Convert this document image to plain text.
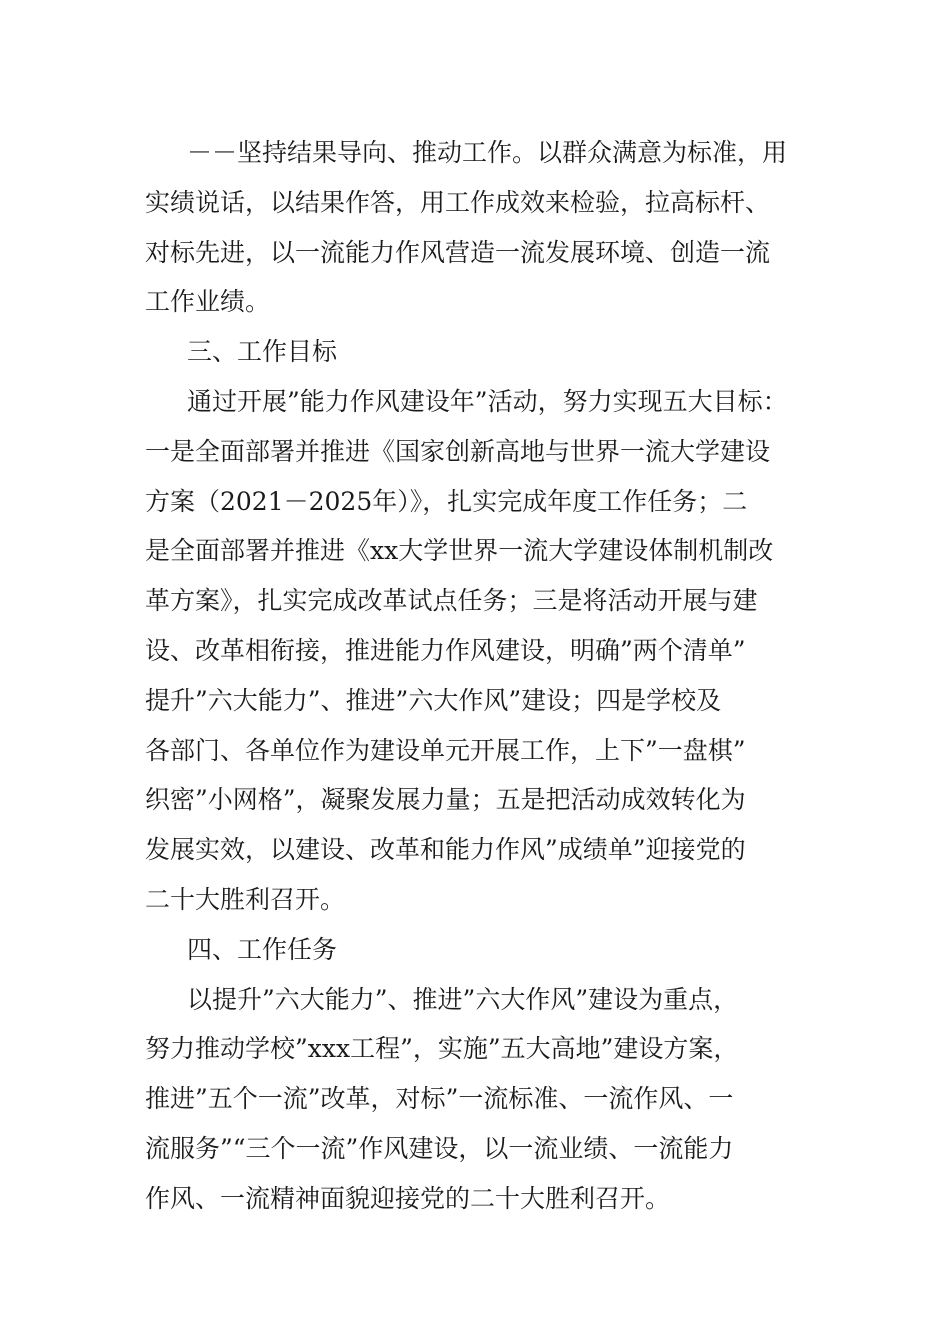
－－坚持结果导向、推动工作。以群众满意为标准，用
实绩说话，以结果作答，用工作成效来检验，拉高标杆、
对标先进，以一流能力作风营造一流发展环境、创造一流
工作业绩。
三、工作目标
通过开展”能力作风建设年”活动，努力实现五大目标：
一是全面部署并推进《国家创新高地与世界一流大学建设
方案（2021－2025年）》，扎实完成年度工作任务；二
是全面部署并推进《xx大学世界一流大学建设体制机制改
革方案》，扎实完成改革试点任务；三是将活动开展与建
设、改革相衔接，推进能力作风建设，明确”两个清单”
提升”六大能力”、推进”六大作风”建设；四是学校及
各部门、各单位作为建设单元开展工作，上下”一盘棋”
织密”小网格”，凝聚发展力量；五是把活动成效转化为
发展实效，以建设、改革和能力作风”成绩单”迎接党的
二十大胜利召开。
四、工作任务
以提升”六大能力”、推进”六大作风”建设为重点，
努力推动学校”xxx工程”，实施”五大高地”建设方案，
推进”五个一流”改革，对标”一流标准、一流作风、一
流服务”“三个一流”作风建设，以一流业绩、一流能力
作风、一流精神面貌迎接党的二十大胜利召开。
